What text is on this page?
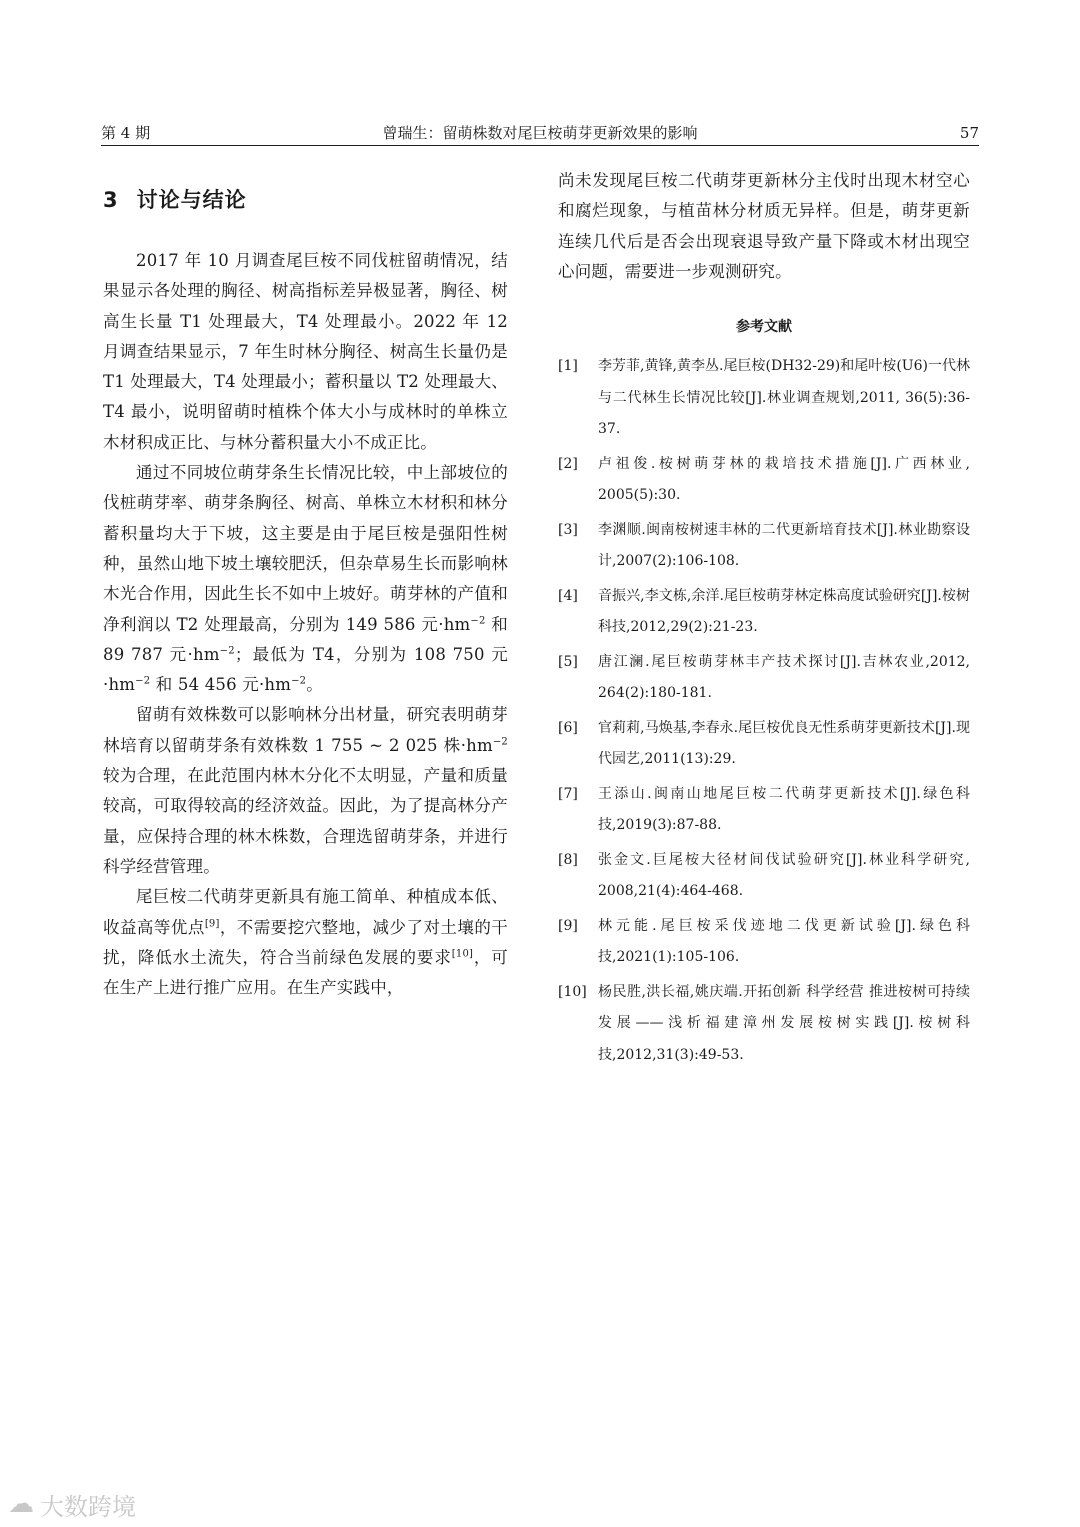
第 4 期	曾瑞生：留萌株数对尾巨桉萌芽更新效果的影响	57
3 讨论与结论

2017 年 10 月调查尾巨桉不同伐桩留萌情况，结果显示各处理的胸径、树高指标差异极显著，胸径、树高生长量 T1 处理最大，T4 处理最小。2022 年 12 月调查结果显示，7 年生时林分胸径、树高生长量仍是 T1 处理最大，T4 处理最小；蓄积量以 T2 处理最大、T4 最小，说明留萌时植株个体大小与成林时的单株立木材积成正比、与林分蓄积量大小不成正比。

通过不同坡位萌芽条生长情况比较，中上部坡位的伐桩萌芽率、萌芽条胸径、树高、单株立木材积和林分蓄积量均大于下坡，这主要是由于尾巨桉是强阳性树种，虽然山地下坡土壤较肥沃，但杂草易生长而影响林木光合作用，因此生长不如中上坡好。萌芽林的产值和净利润以 T2 处理最高，分别为 149 586 元$\cdot hm^{-2}$ 和 89 787 元$\cdot hm^{-2}$；最低为 T4，分别为 108 750 元$\cdot hm^{-2}$ 和 54 456 元$\cdot hm^{-2}$。

留萌有效株数可以影响林分出材量，研究表明萌芽林培育以留萌芽条有效株数 1 755 ~ 2 025 株$\cdot hm^{-2}$ 较为合理，在此范围内林木分化不太明显，产量和质量较高，可取得较高的经济效益。因此，为了提高林分产量，应保持合理的林木株数，合理选留萌芽条，并进行科学经营管理。

尾巨桉二代萌芽更新具有施工简单、种植成本低、收益高等优点[9]，不需要挖穴整地，减少了对土壤的干扰，降低水土流失，符合当前绿色发展的要求[10]，可在生产上进行推广应用。在生产实践中，

尚未发现尾巨桉二代萌芽更新林分主伐时出现木材空心和腐烂现象，与植苗林分材质无异样。但是，萌芽更新连续几代后是否会出现衰退导致产量下降或木材出现空心问题，需要进一步观测研究。

参考文献
[1]	李芳菲,黄锋,黄李丛.尾巨桉(DH32-29)和尾叶桉(U6)一代林与二代林生长情况比较[J].林业调查规划,2011, 36(5):36-37.
[2]	卢祖俊.桉树萌芽林的栽培技术措施[J].广西林业, 2005(5):30.
[3]	李渊顺.闽南桉树速丰林的二代更新培育技术[J].林业勘察设计,2007(2):106-108.
[4]	音振兴,李文栋,余洋.尾巨桉萌芽林定株高度试验研究[J].桉树科技,2012,29(2):21-23.
[5]	唐江澜.尾巨桉萌芽林丰产技术探讨[J].吉林农业,2012, 264(2):180-181.
[6]	官莉莉,马焕基,李春永.尾巨桉优良无性系萌芽更新技术[J].现代园艺,2011(13):29.
[7]	王添山.闽南山地尾巨桉二代萌芽更新技术[J].绿色科技,2019(3):87-88.
[8]	张金文.巨尾桉大径材间伐试验研究[J].林业科学研究, 2008,21(4):464-468.
[9]	林元能.尾巨桉采伐迹地二伐更新试验[J].绿色科技,2021(1):105-106.
[10] 杨民胜,洪长福,姚庆端.开拓创新 科学经营 推进桉树可持续发展——浅析福建漳州发展桉树实践[J].桉树科技,2012,31(3):49-53.
☁ 大数跨境
